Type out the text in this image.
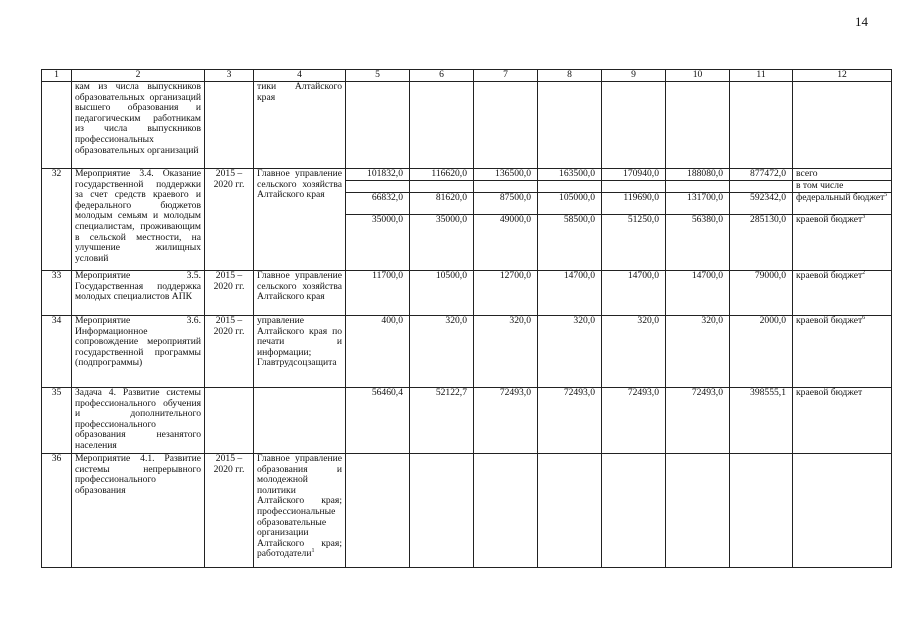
14
1	2	3	4	5	6	7	8	9	10	11	12
	кам из числа выпускников образовательных организаций высшего образования и педагогическим работникам из числа выпускников профессиональных образовательных организаций		тики Алтайского края								
32	Мероприятие 3.4. Оказание государственной поддержки за счет средств краевого и федерального бюджетов молодым семьям и молодым специалистам, проживающим в сельской местности, на улучшение жилищных условий	2015 – 2020 гг.	Главное управление сельского хозяйства Алтайского края	101832,0	116620,0	136500,0	163500,0	170940,0	188080,0	877472,0	всего
											в том числе
				66832,0	81620,0	87500,0	105000,0	119690,0	131700,0	592342,0	федеральный бюджет$^5$
				35000,0	35000,0	49000,0	58500,0	51250,0	56380,0	285130,0	краевой бюджет$^3$
33	Мероприятие 3.5. Государственная поддержка молодых специалистов АПК	2015 – 2020 гг.	Главное управление сельского хозяйства Алтайского края	11700,0	10500,0	12700,0	14700,0	14700,0	14700,0	79000,0	краевой бюджет$^2$
34	Мероприятие 3.6. Информационное сопровождение мероприятий государственной программы (подпрограммы)	2015 – 2020 гг.	управление Алтайского края по печати и информации; Главтрудсоцзащита	400,0	320,0	320,0	320,0	320,0	320,0	2000,0	краевой бюджет$^6$
35	Задача 4. Развитие системы профессионального обучения и дополнительного профессионального образования незанятого населения			56460,4	52122,7	72493,0	72493,0	72493,0	72493,0	398555,1	краевой бюджет
36	Мероприятие 4.1. Развитие системы непрерывного профессионального образования	2015 – 2020 гг.	Главное управление образования и молодежной политики Алтайского края; профессиональные образовательные организации Алтайского края; работодатели$^1$								
